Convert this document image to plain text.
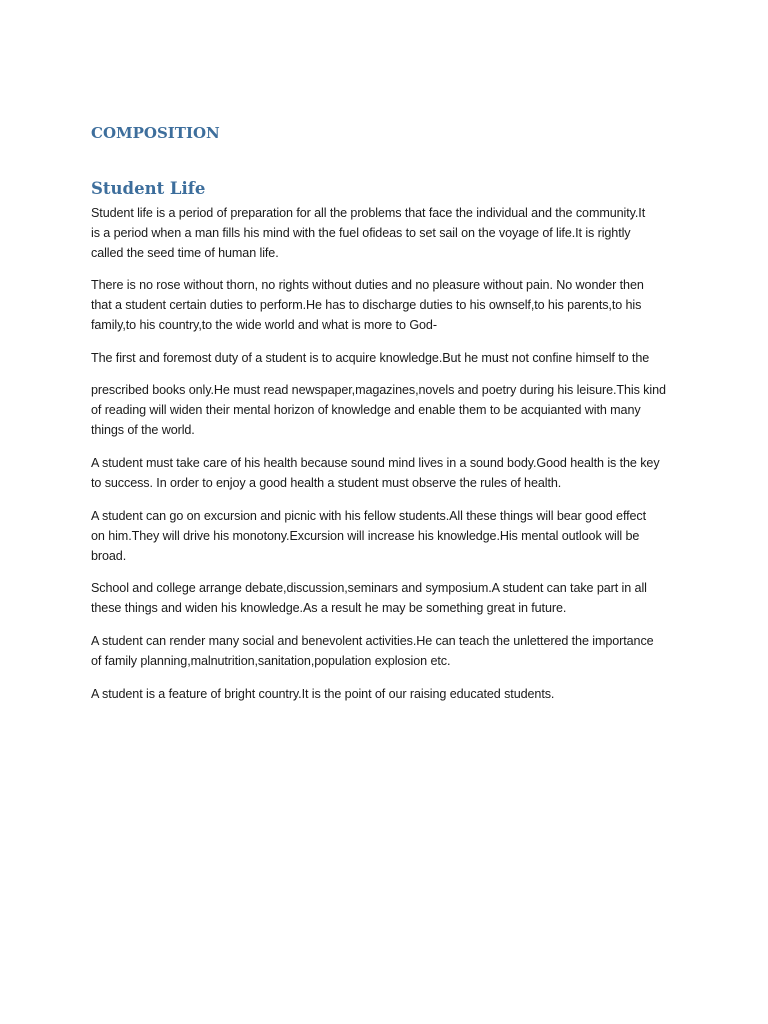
COMPOSITION
Student Life

Student life is a period of preparation for all the problems that face the individual and the community.It
is a period when a man fills his mind with the fuel ofideas to set sail on the voyage of life.It is rightly
called the seed time of human life.

There is no rose without thorn, no rights without duties and no pleasure without pain. No wonder then
that a student certain duties to perform.He has to discharge duties to his ownself,to his parents,to his
family,to his country,to the wide world and what is more to God-

The first and foremost duty of a student is to acquire knowledge.But he must not confine himself to the

prescribed books only.He must read newspaper,magazines,novels and poetry during his leisure.This kind
of reading will widen their mental horizon of knowledge and enable them to be acquianted with many
things of the world.

A student must take care of his health because sound mind lives in a sound body.Good health is the key
to success. In order to enjoy a good health a student must observe the rules of health.

A student can go on excursion and picnic with his fellow students.All these things will bear good effect
on him.They will drive his monotony.Excursion will increase his knowledge.His mental outlook will be
broad.

School and college arrange debate,discussion,seminars and symposium.A student can take part in all
these things and widen his knowledge.As a result he may be something great in future.

A student can render many social and benevolent activities.He can teach the unlettered the importance
of family planning,malnutrition,sanitation,population explosion etc.

A student is a feature of bright country.It is the point of our raising educated students.
